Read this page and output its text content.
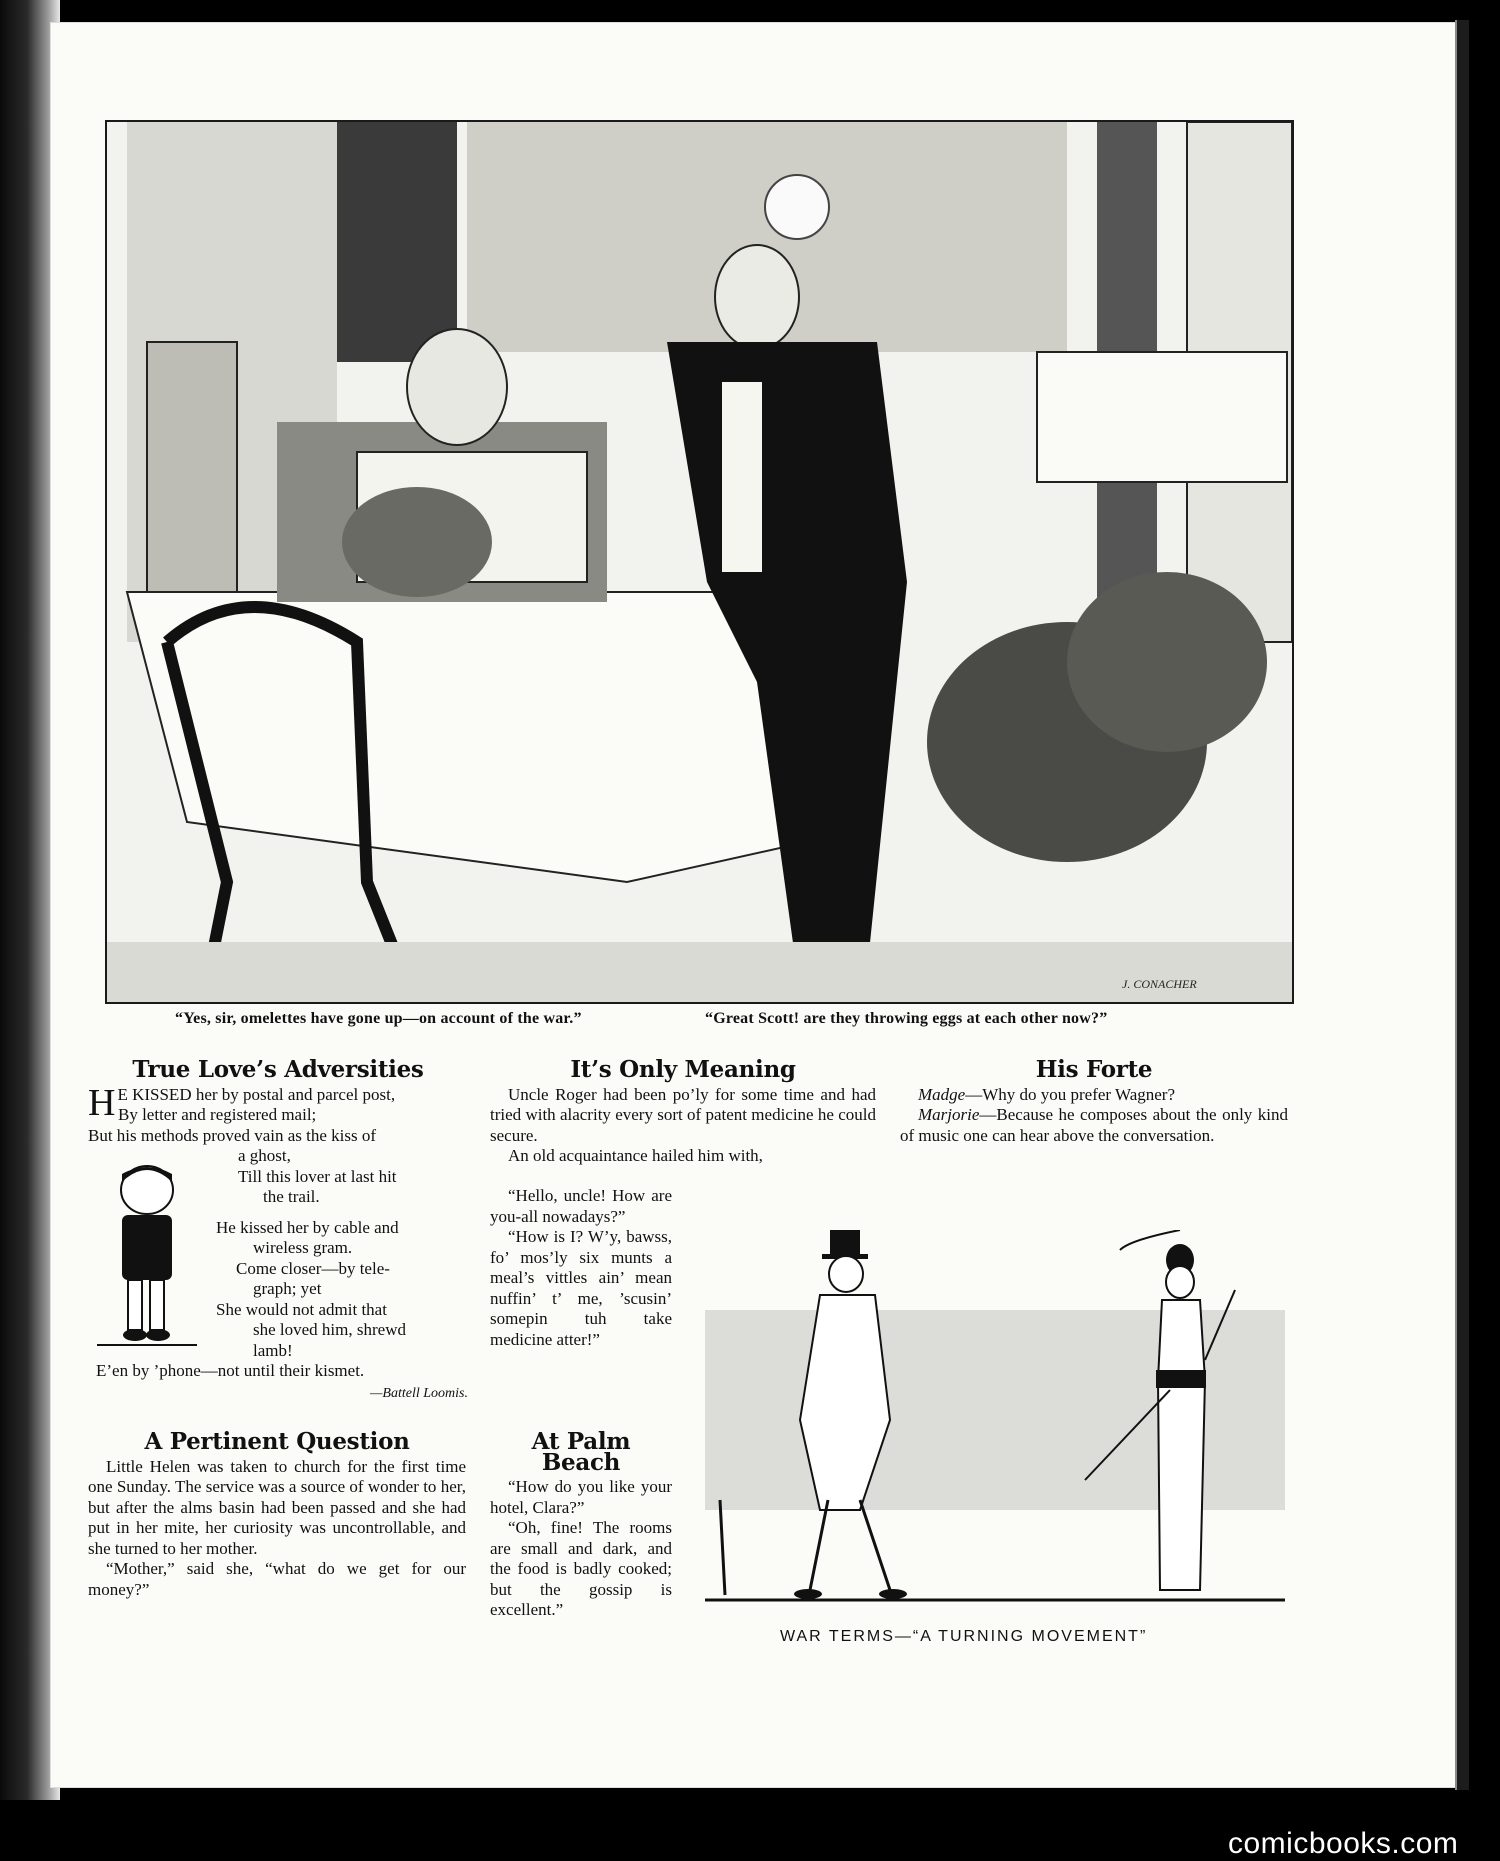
J. CONACHER
“Yes, sir, omelettes have gone up—on account of the war.”	“Great Scott! are they throwing eggs at each other now?”
True Love’s Adversities
H E KISSED her by postal and parcel post,
By letter and registered mail;
But his methods proved vain as the kiss of
a ghost,
Till this lover at last hit
the trail.
He kissed her by cable and
wireless gram.
Come closer—by tele-
graph; yet
She would not admit that
she loved him, shrewd
lamb!
E’en by ’phone—not until their kismet.
—Battell Loomis.
A Pertinent Question

Little Helen was taken to church for the first time one Sunday. The service was a source of wonder to her, but after the alms basin had been passed and she had put in her mite, her curiosity was uncontrollable, and she turned to her mother.

“Mother,” said she, “what do we get for our money?”

It’s Only Meaning

Uncle Roger had been po’ly for some time and had tried with alacrity every sort of patent medicine he could secure.

An old acquaintance hailed him with,

“Hello, uncle! How are you-all nowadays?”

“How is I? W’y, bawss, fo’ mos’ly six munts a meal’s vittles ain’ mean nuffin’ t’ me, ’scusin’ somepin tuh take medicine atter!”

At Palm Beach

“How do you like your hotel, Clara?”

“Oh, fine! The rooms are small and dark, and the food is badly cooked; but the gossip is excellent.”

His Forte

Madge—Why do you prefer Wagner?

Marjorie—Because he composes about the only kind of music one can hear above the conversation.

WAR TERMS—“A TURNING MOVEMENT”
comicbooks.com
